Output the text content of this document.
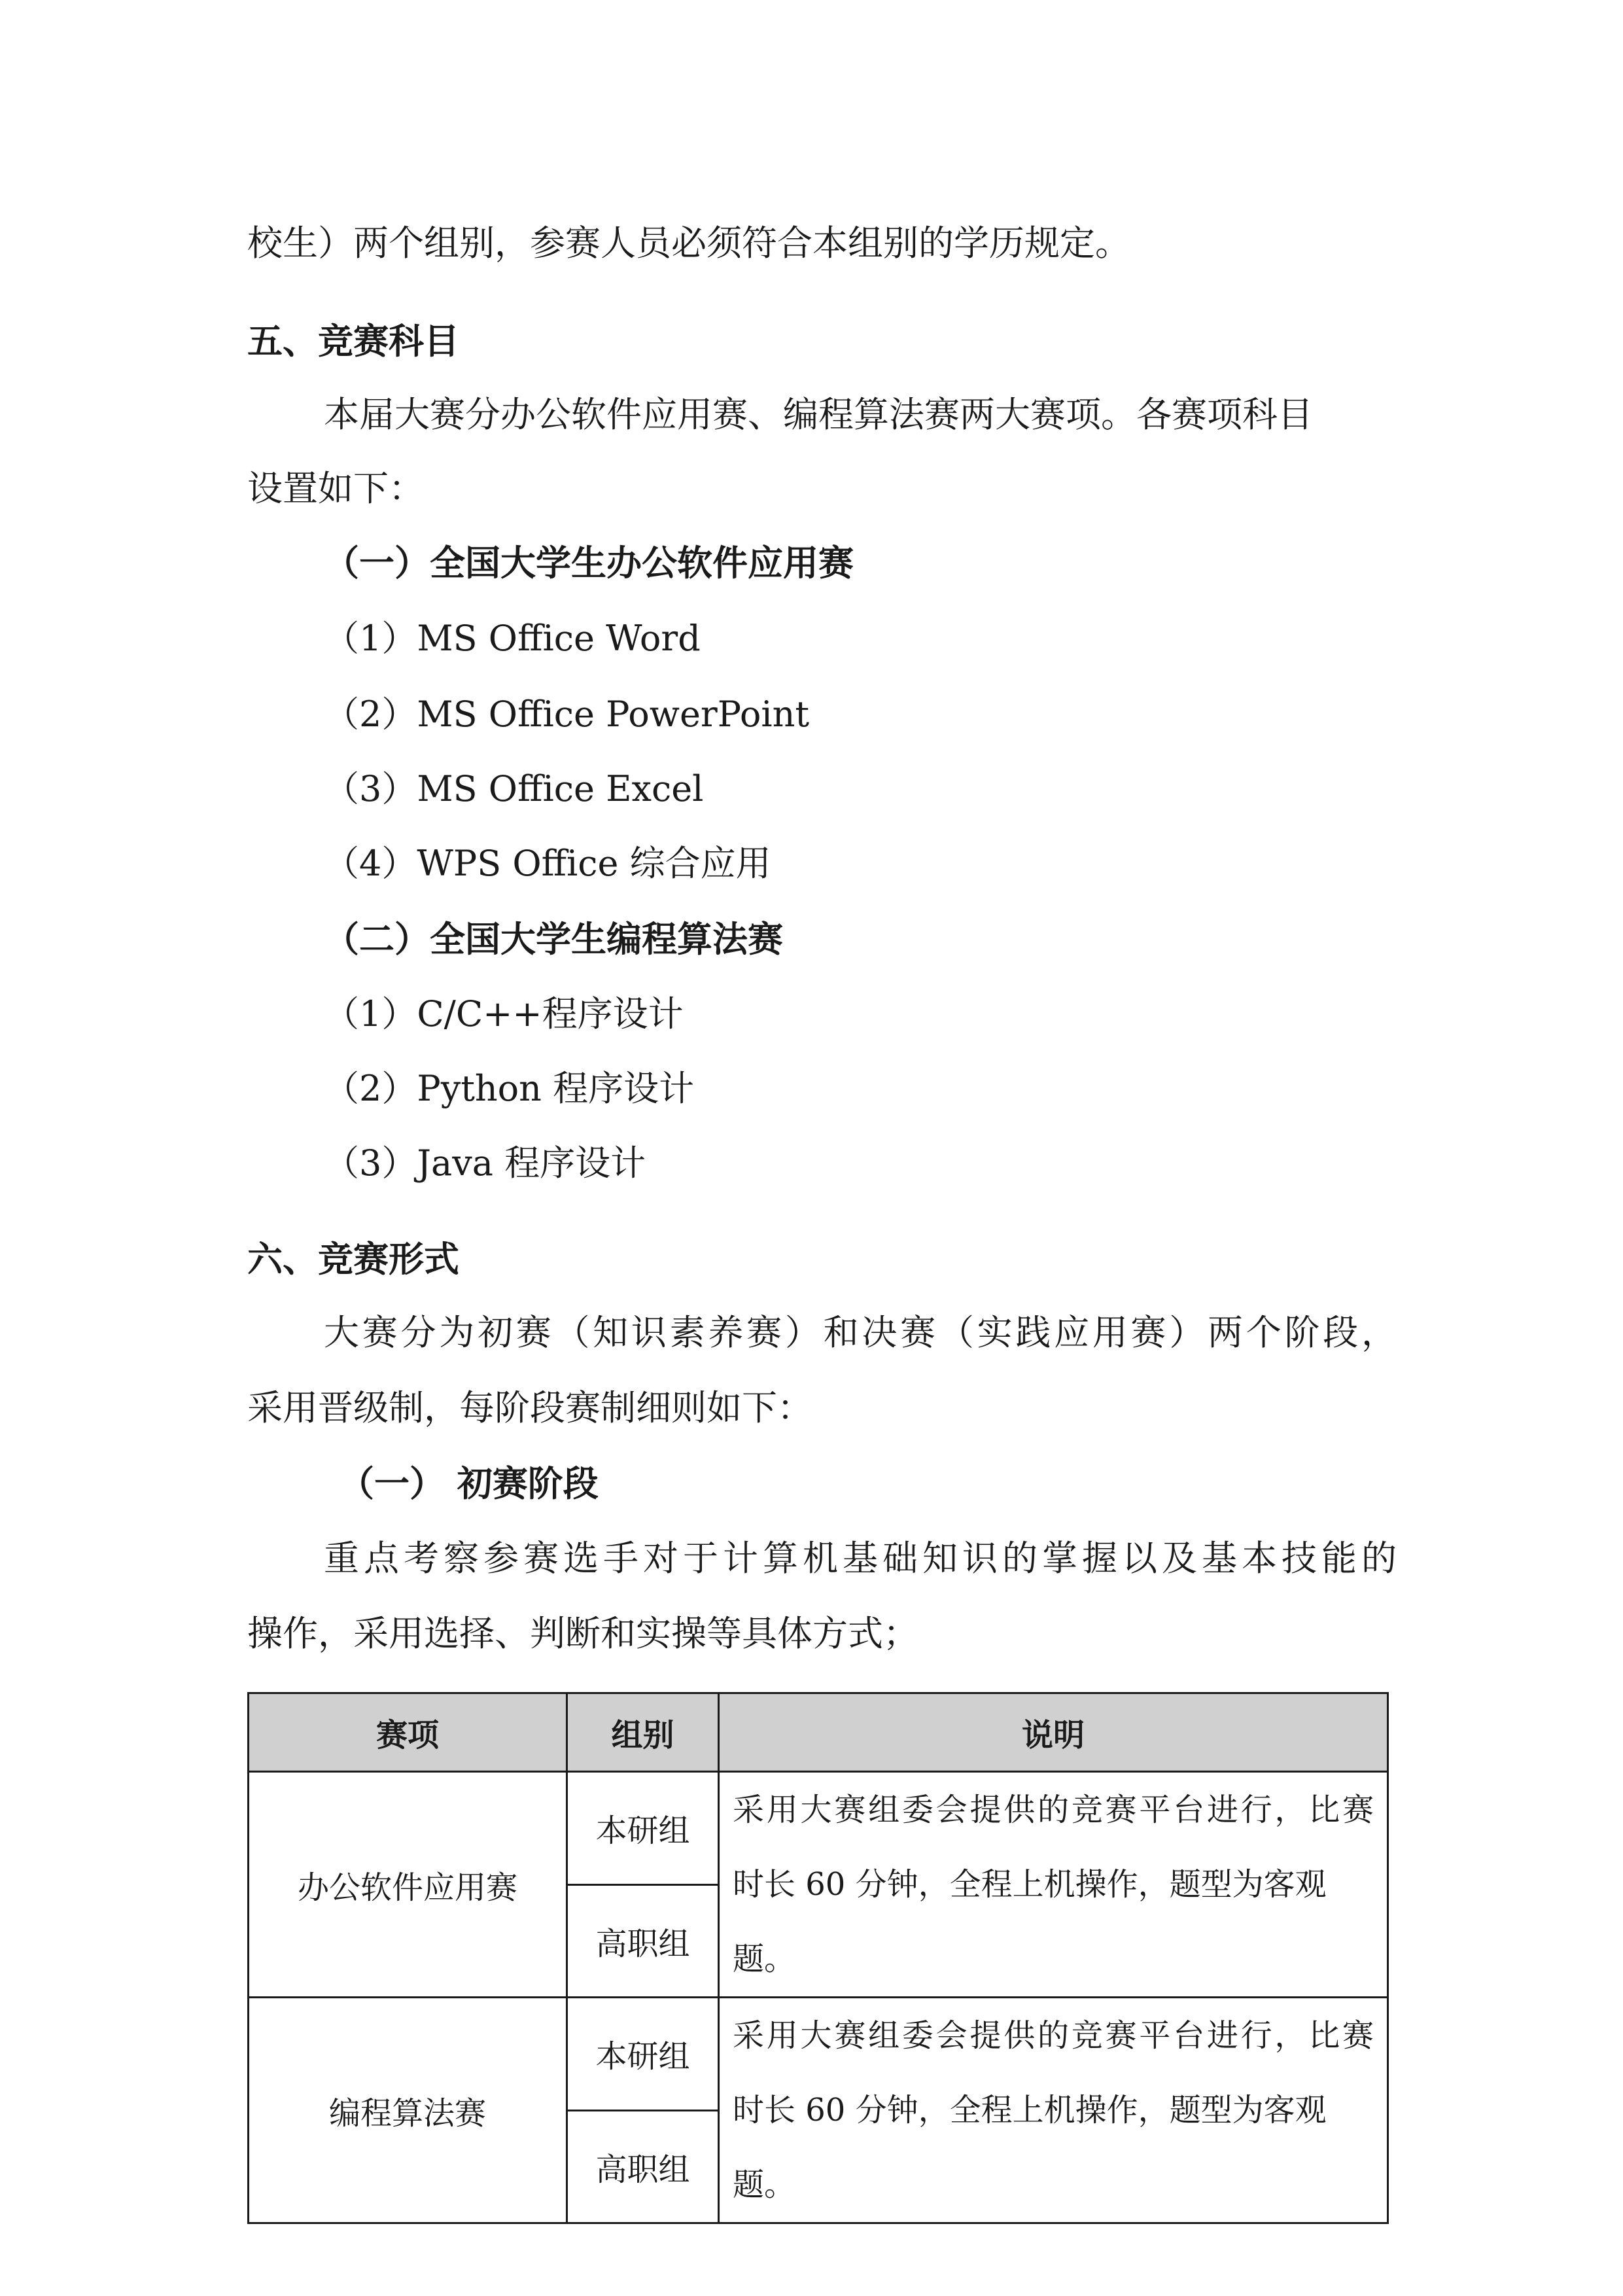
校生）两个组别，参赛人员必须符合本组别的学历规定。
五、竞赛科目
本届大赛分办公软件应用赛、编程算法赛两大赛项。各赛项科目
设置如下：
（一）全国大学生办公软件应用赛
（1）MS Office Word
（2）MS Office PowerPoint
（3）MS Office Excel
（4）WPS Office 综合应用
（二）全国大学生编程算法赛
（1）C/C++程序设计
（2）Python 程序设计
（3）Java 程序设计
六、竞赛形式
大赛分为初赛（知识素养赛）和决赛（实践应用赛）两个阶段，
采用晋级制，每阶段赛制细则如下：
（一） 初赛阶段
重点考察参赛选手对于计算机基础知识的掌握以及基本技能的
操作，采用选择、判断和实操等具体方式；
赛项	组别	说明
办公软件应用赛	本研组	采用大赛组委会提供的竞赛平台进行，比赛
时长 60 分钟，全程上机操作，题型为客观题。

	高职组	
编程算法赛	本研组	采用大赛组委会提供的竞赛平台进行，比赛
时长 60 分钟，全程上机操作，题型为客观题。

	高职组	
